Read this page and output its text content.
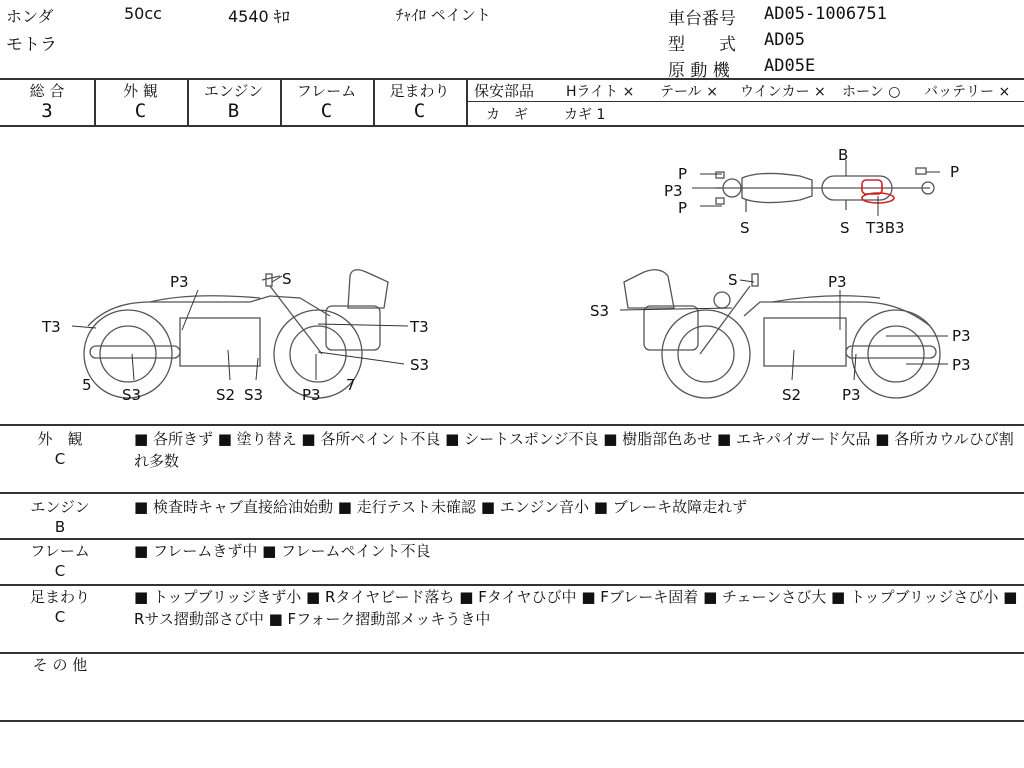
ホンダ	50cc	4540 ｷﾛ	ﾁｬｲﾛ ペイント
モトラ
車台番号 AD05-1006751
型　　式 AD05
原 動 機 AD05E
総 合	外 観	エンジン	フレーム	足まわり
3	C	B	C	C
保安部品 Hライト × テール × ウインカー × ホーン ○ バッテリー ×
カ　ギ	カギ 1
B
P
P3
P
S	S T3B3
P
P3	S
T3	T3
S3
S3	S2 S3	P3
5	7
S	P3
S3
P3
P3
S2	P3
外　観
C
■ 各所きず ■ 塗り替え ■ 各所ペイント不良 ■ シートスポンジ不良 ■ 樹脂部色あせ ■ エキパイガード欠品 ■ 各所カウルひび割れ多数
エンジン
B
■ 検査時キャブ直接給油始動 ■ 走行テスト未確認 ■ エンジン音小 ■ ブレーキ故障走れず
フレーム
C
■ フレームきず中 ■ フレームペイント不良
足まわり
C
■ トップブリッジきず小 ■ Rタイヤビード落ち ■ Fタイヤひび中 ■ Fブレーキ固着 ■ チェーンさび大 ■ トップブリッジさび小 ■ Rサス摺動部さび中 ■ Fフォーク摺動部メッキうき中
そ の 他
